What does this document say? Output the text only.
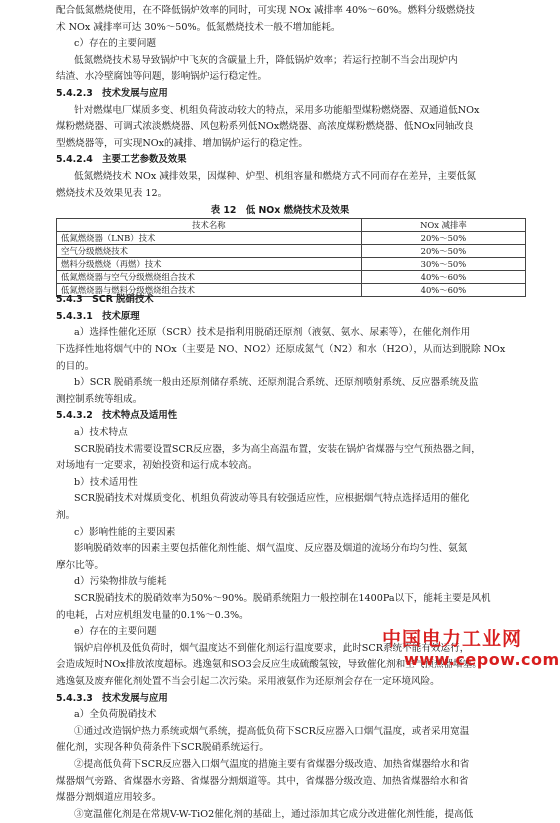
配合低氮燃烧使用，在不降低锅炉效率的同时，可实现 NOx 减排率 40%～60%。燃料分级燃烧技
术 NOx 减排率可达 30%～50%。低氮燃烧技术一般不增加能耗。
c）存在的主要问题
低氮燃烧技术易导致锅炉中飞灰的含碳量上升，降低锅炉效率；若运行控制不当会出现炉内
结渣、水冷壁腐蚀等问题，影响锅炉运行稳定性。
5.4.2.3　技术发展与应用
针对燃煤电厂煤质多变、机组负荷波动较大的特点，采用多功能船型煤粉燃烧器、双通道低NOx
煤粉燃烧器、可调式浓淡燃烧器、风包粉系列低NOx燃烧器、高浓度煤粉燃烧器、低NOx同轴改良
型燃烧器等，可实现NOx的减排、增加锅炉运行的稳定性。
5.4.2.4　主要工艺参数及效果
低氮燃烧技术 NOx 减排效果，因煤种、炉型、机组容量和燃烧方式不同而存在差异，主要低氮
燃烧技术及效果见表 12。
表 12　低 NOx 燃烧技术及效果
技术名称	NOx 减排率
低氮燃烧器（LNB）技术	20%～50%
空气分级燃烧技术	20%～50%
燃料分级燃烧（再燃）技术	30%～50%
低氮燃烧器与空气分级燃烧组合技术	40%～60%
低氮燃烧器与燃料分级燃烧组合技术	40%～60%
5.4.3　SCR 脱硝技术
5.4.3.1　技术原理
a）选择性催化还原（SCR）技术是指利用脱硝还原剂（液氨、氨水、尿素等），在催化剂作用
下选择性地将烟气中的 NOx（主要是 NO、NO2）还原成氮气（N2）和水（H2O），从而达到脱除 NOx
的目的。
b）SCR 脱硝系统一般由还原剂储存系统、还原剂混合系统、还原剂喷射系统、反应器系统及监
测控制系统等组成。
5.4.3.2　技术特点及适用性
a）技术特点
SCR脱硝技术需要设置SCR反应器，多为高尘高温布置，安装在锅炉省煤器与空气预热器之间，
对场地有一定要求，初始投资和运行成本较高。
b）技术适用性
SCR脱硝技术对煤质变化、机组负荷波动等具有较强适应性，应根据烟气特点选择适用的催化
剂。
c）影响性能的主要因素
影响脱硝效率的因素主要包括催化剂性能、烟气温度、反应器及烟道的流场分布均匀性、氨氮
摩尔比等。
d）污染物排放与能耗
SCR脱硝技术的脱硝效率为50%～90%。脱硝系统阻力一般控制在1400Pa以下，能耗主要是风机
的电耗，占对应机组发电量的0.1%～0.3%。
e）存在的主要问题
锅炉启停机及低负荷时，烟气温度达不到催化剂运行温度要求，此时SCR系统不能有效运行，
会造成短时NOx排放浓度超标。逃逸氨和SO3会反应生成硫酸氢铵，导致催化剂和空气预热器堵塞。
逃逸氨及废弃催化剂处置不当会引起二次污染。采用液氨作为还原剂会存在一定环境风险。
5.4.3.3　技术发展与应用
a）全负荷脱硝技术
①通过改造锅炉热力系统或烟气系统，提高低负荷下SCR反应器入口烟气温度，或者采用宽温
催化剂，实现各种负荷条件下SCR脱硝系统运行。
②提高低负荷下SCR反应器入口烟气温度的措施主要有省煤器分级改造、加热省煤器给水和省
煤器烟气旁路、省煤器水旁路、省煤器分割烟道等。其中，省煤器分级改造、加热省煤器给水和省
煤器分割烟道应用较多。
③宽温催化剂是在常规V-W-TiO2催化剂的基础上，通过添加其它成分改进催化剂性能，提高低
中国电力工业网
www.cepow.com
